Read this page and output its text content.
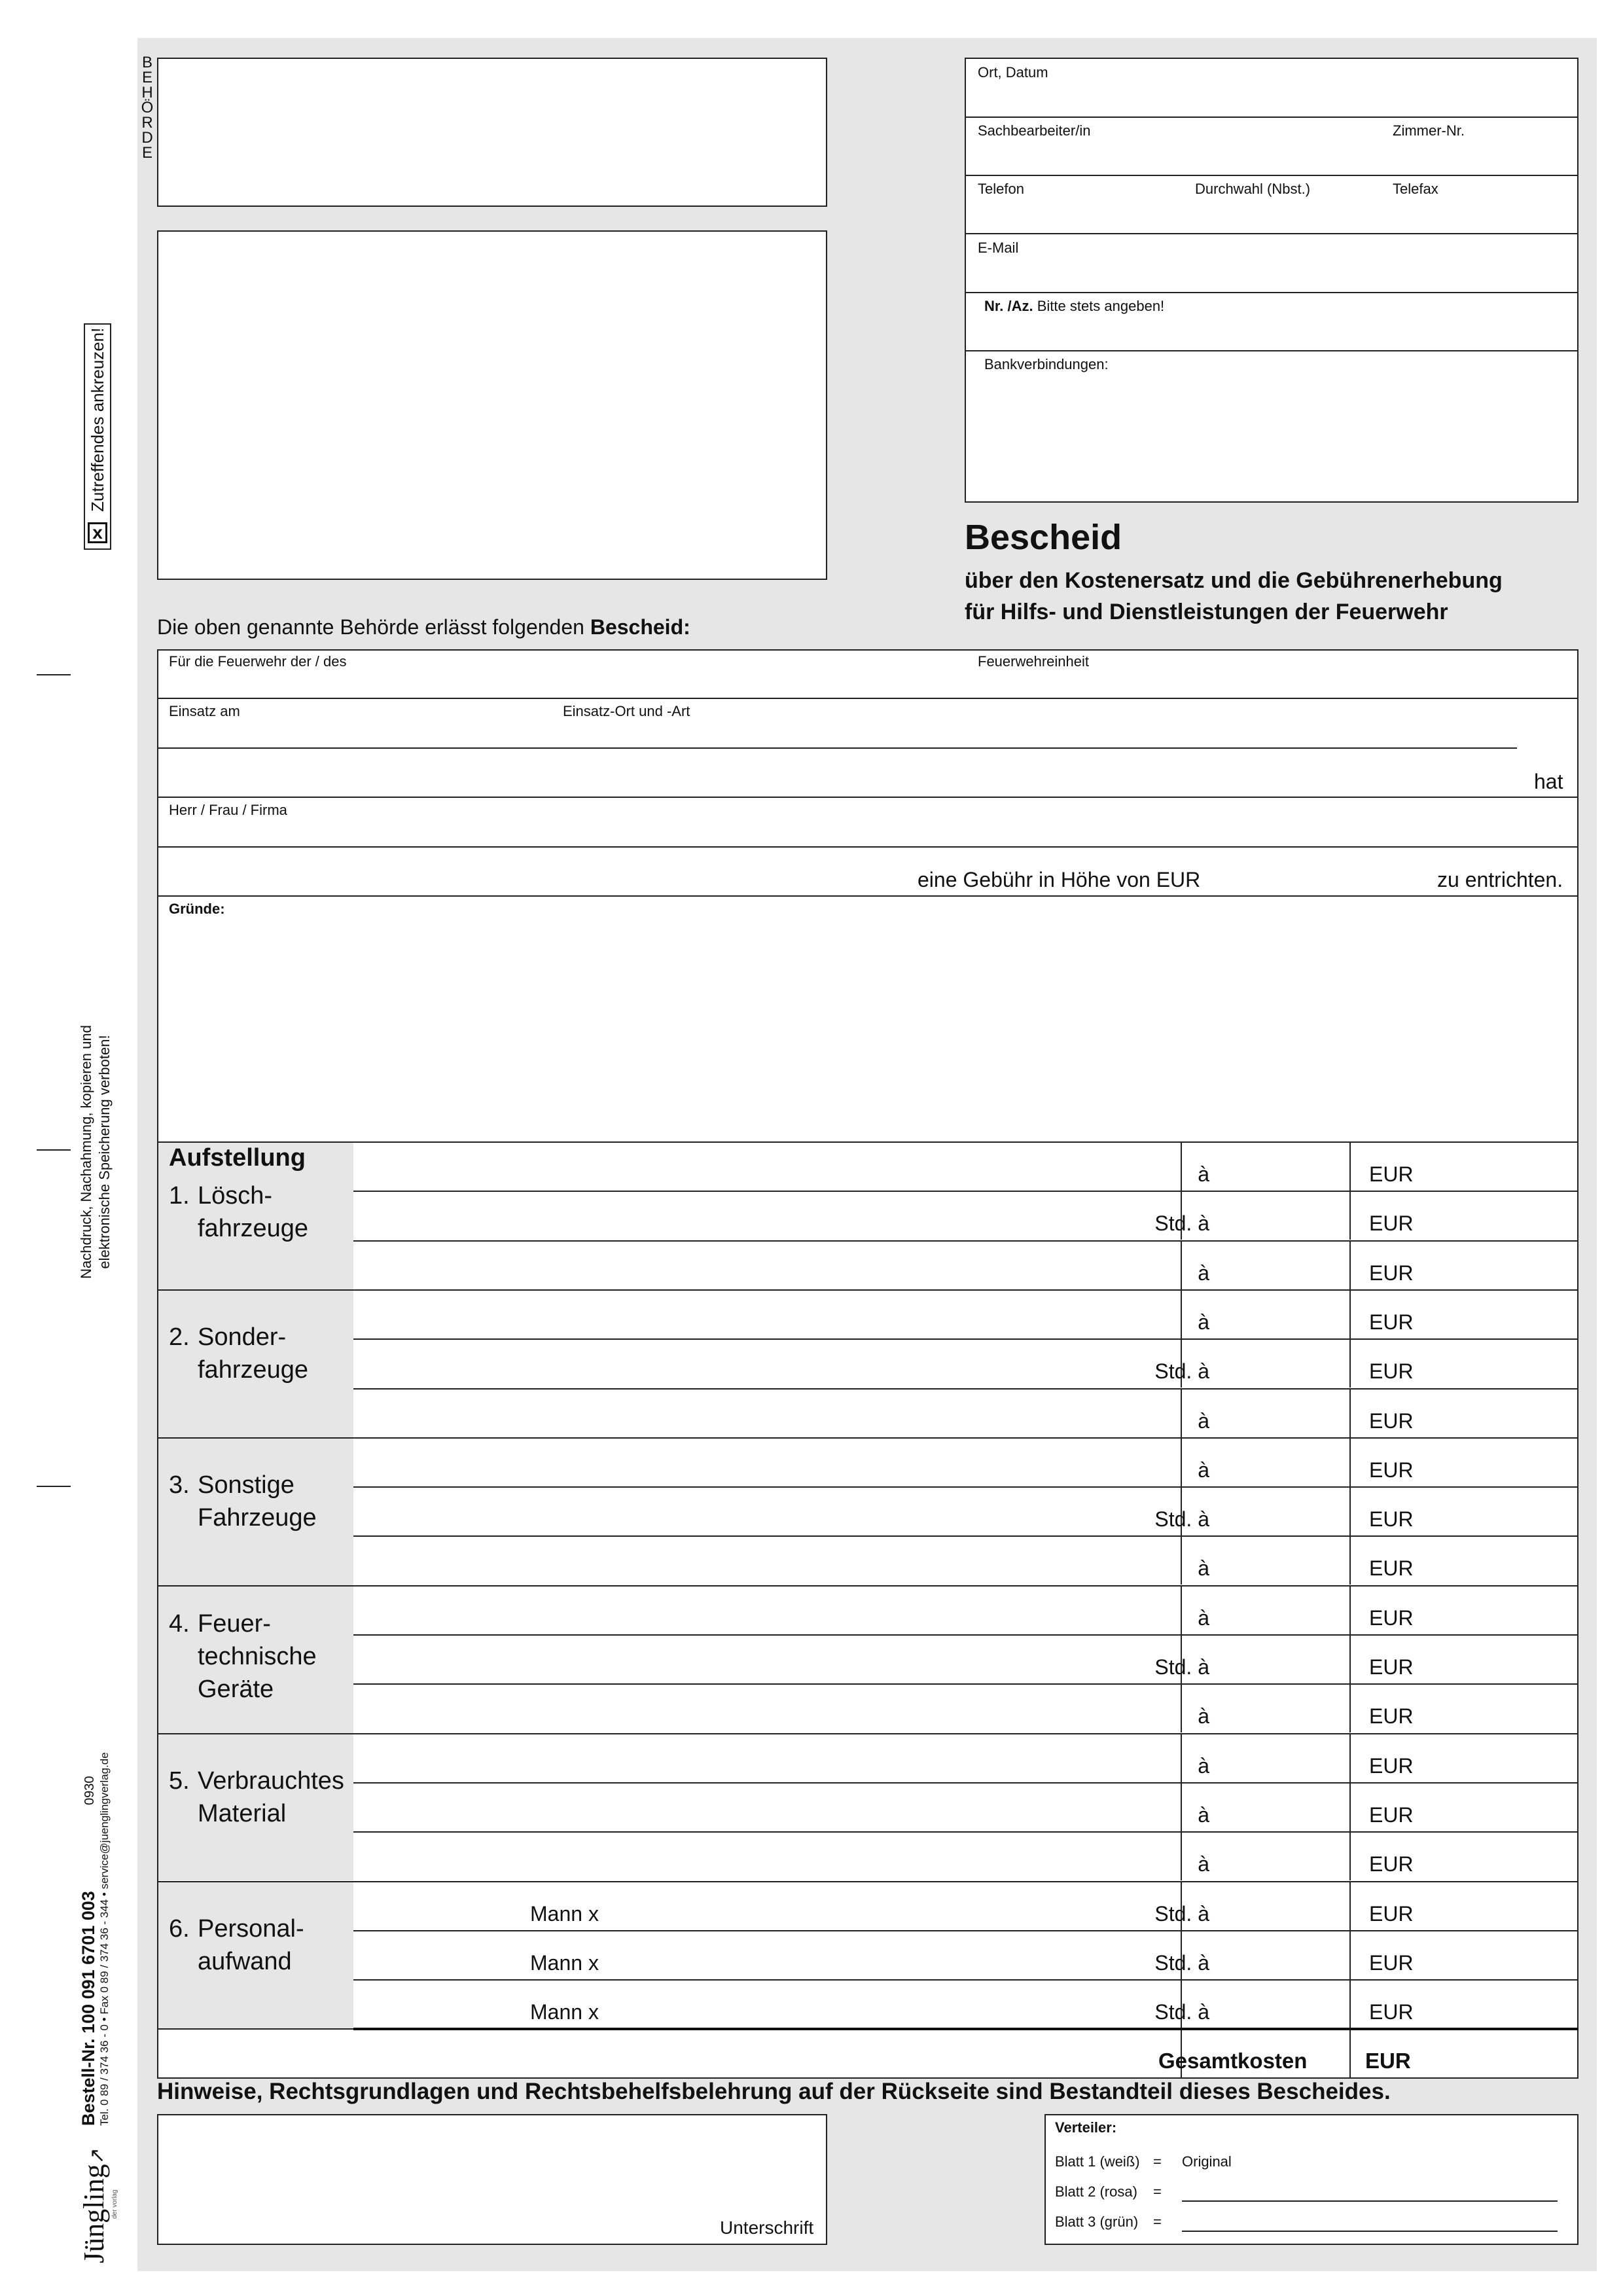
x
Zutreffendes ankreuzen!
Nachdruck, Nachahmung, kopieren und elektronische Speicherung verboten!
0930
Bestell-Nr. 100 091 6701 003 Tel. 0 89 / 374 36 - 0 • Fax 0 89 / 374 36 - 344 • service@juenglingverlag.de
Jüngling↗
der vorlag
B
E
H
Ö
R
D
E
Ort, Datum
Sachbearbeiter/in	Zimmer-Nr.
Telefon	Durchwahl (Nbst.)	Telefax
E-Mail
Nr. /Az. Bitte stets angeben!
Bankverbindungen:
Bescheid
über den Kostenersatz und die Gebührenerhebung
für Hilfs- und Dienstleistungen der Feuerwehr
Die oben genannte Behörde erlässt folgenden Bescheid:
Für die Feuerwehr der / des	Feuerwehreinheit
Einsatz am	Einsatz-Ort und -Art
hat
Herr / Frau / Firma
eine Gebühr in Höhe von EUR	zu entrichten.
Gründe:
1. Lösch-
fahrzeuge
à	EUR
Std. à	EUR
à	EUR
2. Sonder-
fahrzeuge
à	EUR
Std. à	EUR
à	EUR
3. Sonstige
Fahrzeuge
à	EUR
Std. à	EUR
à	EUR
4. Feuer-
technische
Geräte
à	EUR
Std. à	EUR
à	EUR
5. Verbrauchtes
Material
à	EUR
à	EUR
à	EUR
6. Personal-
aufwand
Mann x	Std. à	EUR
Mann x	Std. à	EUR
Mann x	Std. à	EUR
Aufstellung
Gesamtkosten	EUR
Hinweise, Rechtsgrundlagen und Rechtsbehelfsbelehrung auf der Rückseite sind Bestandteil dieses Bescheides.
Unterschrift
Verteiler:
Blatt 1 (weiß) = Original
Blatt 2 (rosa) =
Blatt 3 (grün) =
